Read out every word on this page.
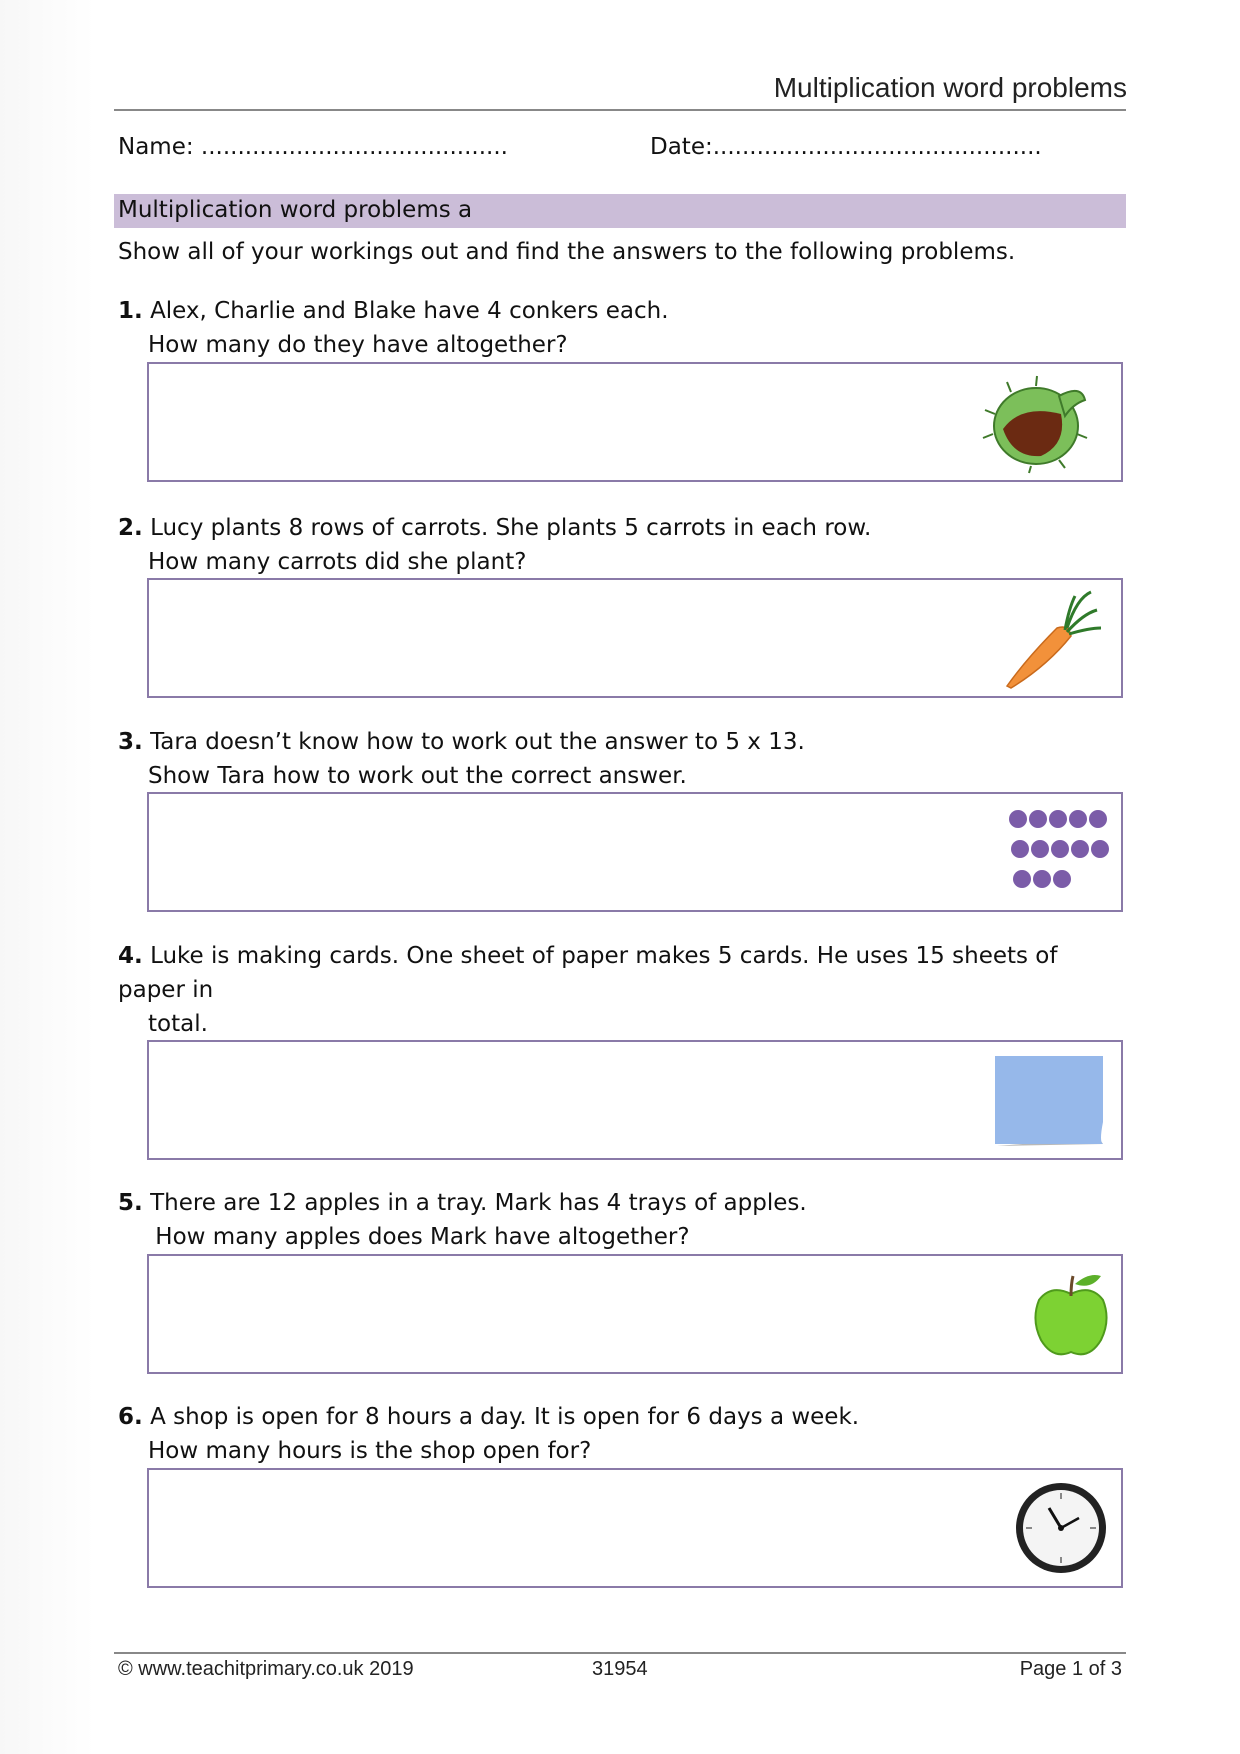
Multiplication word problems
Name: ..........................................	Date:.............................................
Multiplication word problems a
Show all of your workings out and find the answers to the following problems.
1. Alex, Charlie and Blake have 4 conkers each.
How many do they have altogether?
2. Lucy plants 8 rows of carrots. She plants 5 carrots in each row.
How many carrots did she plant?
3. Tara doesn’t know how to work out the answer to 5 x 13.
Show Tara how to work out the correct answer.
4. Luke is making cards. One sheet of paper makes 5 cards. He uses 15 sheets of paper in
total.
5. There are 12 apples in a tray. Mark has 4 trays of apples.
How many apples does Mark have altogether?
6. A shop is open for 8 hours a day. It is open for 6 days a week.
How many hours is the shop open for?
© www.teachitprimary.co.uk 2019	31954	Page 1 of 3
